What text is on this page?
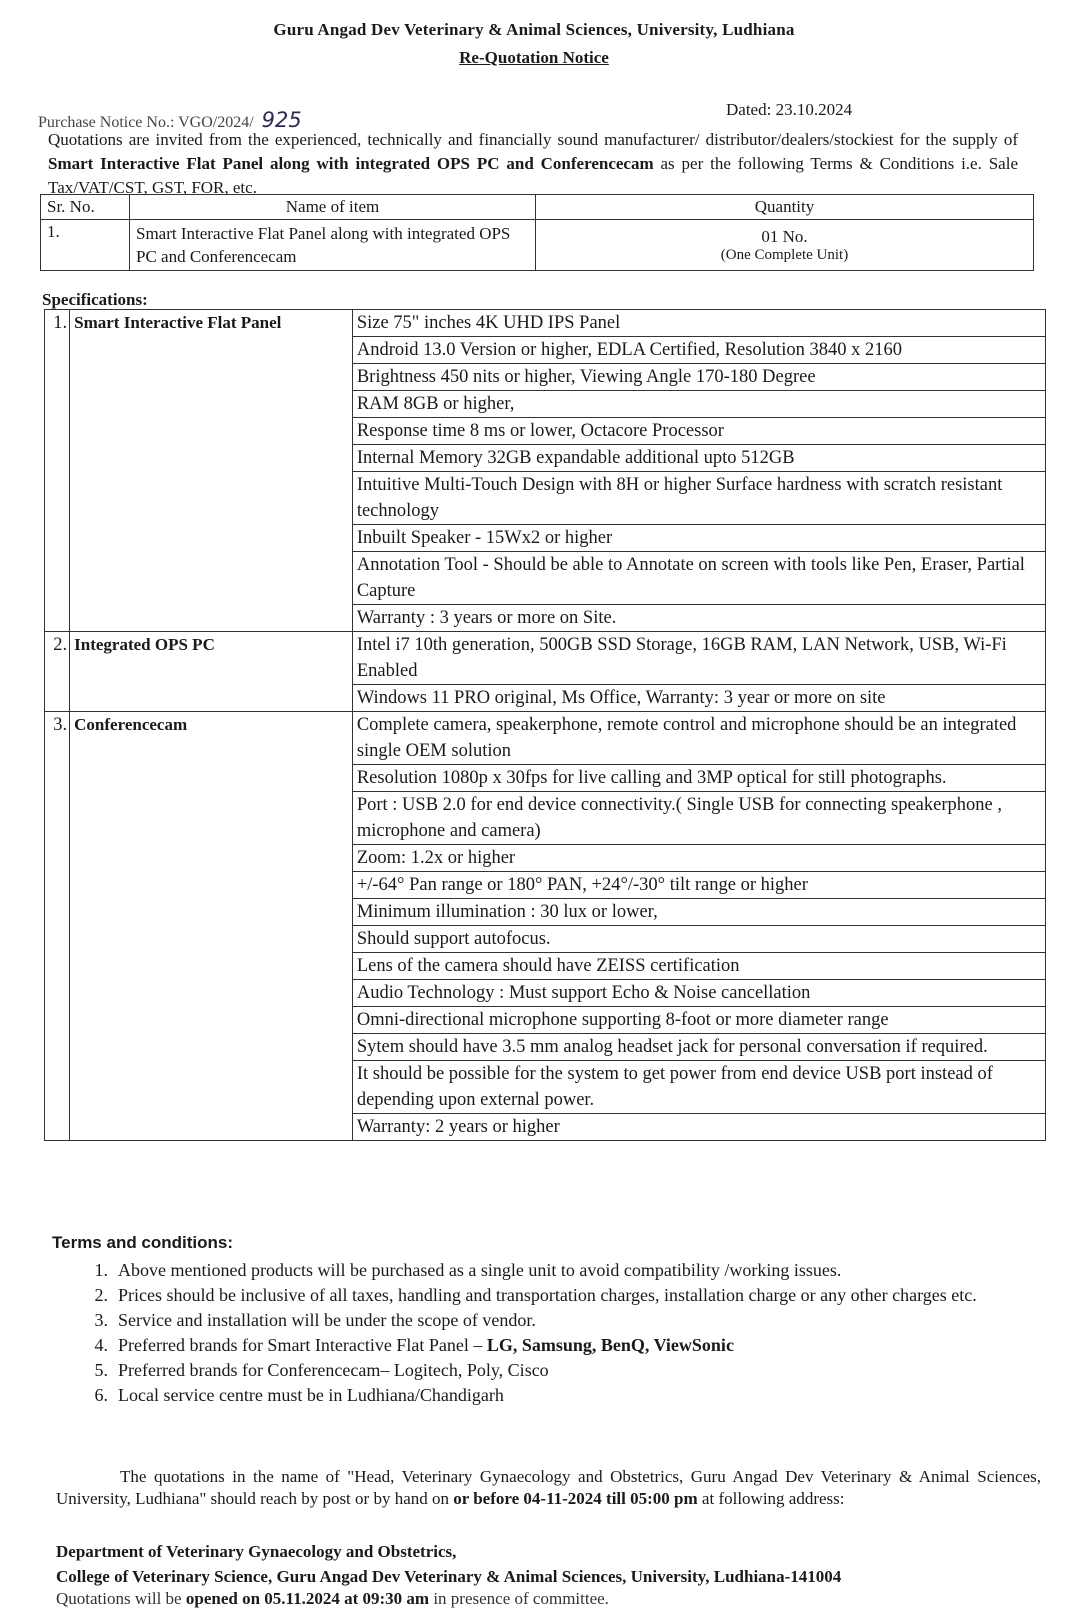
Guru Angad Dev Veterinary & Animal Sciences, University, Ludhiana
Re-Quotation Notice
Purchase Notice No.: VGO/2024/ 925	Dated: 23.10.2024
Quotations are invited from the experienced, technically and financially sound manufacturer/ distributor/dealers/stockiest for the supply of Smart Interactive Flat Panel along with integrated OPS PC and Conferencecam as per the following Terms & Conditions i.e. Sale Tax/VAT/CST, GST, FOR, etc.
Sr. No.	Name of item	Quantity
1.	Smart Interactive Flat Panel along with integrated OPS PC and Conferencecam	01 No.
(One Complete Unit)
Specifications:
1.	Smart Interactive Flat Panel	Size 75" inches 4K UHD IPS Panel
		Android 13.0 Version or higher, EDLA Certified, Resolution 3840 x 2160
		Brightness 450 nits or higher, Viewing Angle 170-180 Degree
		RAM 8GB or higher,
		Response time 8 ms or lower, Octacore Processor
		Internal Memory 32GB expandable additional upto 512GB
		Intuitive Multi-Touch Design with 8H or higher Surface hardness with scratch resistant technology
		Inbuilt Speaker - 15Wx2 or higher
		Annotation Tool - Should be able to Annotate on screen with tools like Pen, Eraser, Partial Capture
		Warranty : 3 years or more on Site.
2.	Integrated OPS PC	Intel i7 10th generation, 500GB SSD Storage, 16GB RAM, LAN Network, USB, Wi-Fi Enabled
		Windows 11 PRO original, Ms Office, Warranty: 3 year or more on site
3.	Conferencecam	Complete camera, speakerphone, remote control and microphone should be an integrated single OEM solution
		Resolution 1080p x 30fps for live calling and 3MP optical for still photographs.
		Port : USB 2.0 for end device connectivity.( Single USB for connecting speakerphone , microphone and camera)
		Zoom: 1.2x or higher
		+/-64° Pan range or 180° PAN, +24°/-30° tilt range or higher
		Minimum illumination : 30 lux or lower,
		Should support autofocus.
		Lens of the camera should have ZEISS certification
		Audio Technology : Must support Echo & Noise cancellation
		Omni-directional microphone supporting 8-foot or more diameter range
		Sytem should have 3.5 mm analog headset jack for personal conversation if required.
		It should be possible for the system to get power from end device USB port instead of depending upon external power.
		Warranty: 2 years or higher
Terms and conditions:
1. Above mentioned products will be purchased as a single unit to avoid compatibility /working issues.
2. Prices should be inclusive of all taxes, handling and transportation charges, installation charge or any other charges etc.
3. Service and installation will be under the scope of vendor.
4. Preferred brands for Smart Interactive Flat Panel – LG, Samsung, BenQ, ViewSonic
5. Preferred brands for Conferencecam– Logitech, Poly, Cisco
6. Local service centre must be in Ludhiana/Chandigarh
The quotations in the name of "Head, Veterinary Gynaecology and Obstetrics, Guru Angad Dev Veterinary & Animal Sciences, University, Ludhiana" should reach by post or by hand on or before 04-11-2024 till 05:00 pm at following address:
Department of Veterinary Gynaecology and Obstetrics,
College of Veterinary Science, Guru Angad Dev Veterinary & Animal Sciences, University, Ludhiana-141004
Quotations will be opened on 05.11.2024 at 09:30 am in presence of committee.
